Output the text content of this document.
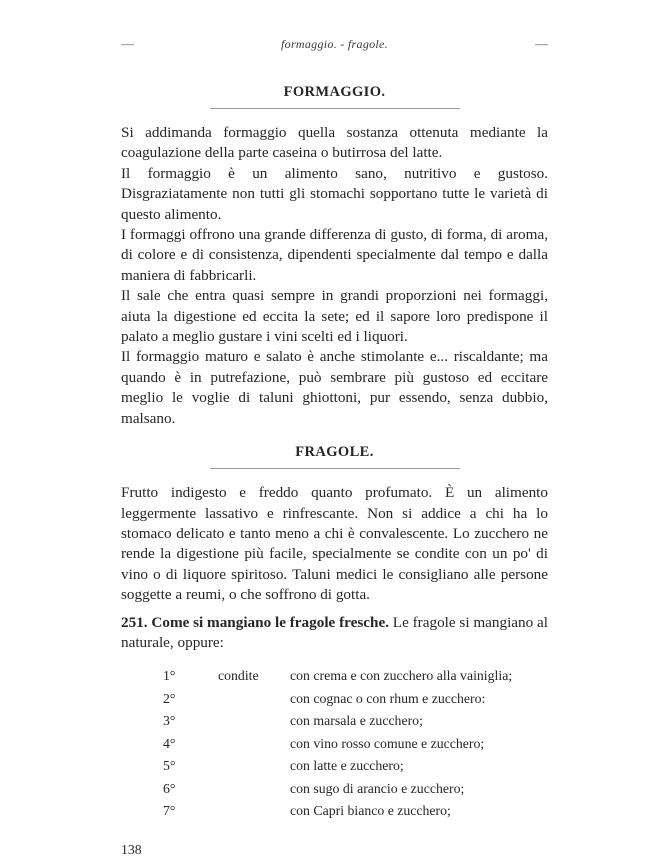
—	formaggio. - fragole.	—
FORMAGGIO.

Si addimanda formaggio quella sostanza ottenuta mediante la coagulazione della parte caseina o butirrosa del latte.

Il formaggio è un alimento sano, nutritivo e gustoso. Disgraziatamente non tutti gli stomachi sopportano tutte le varietà di questo alimento.

I formaggi offrono una grande differenza di gusto, di forma, di aroma, di colore e di consistenza, dipendenti specialmente dal tempo e dalla maniera di fabbricarli.

Il sale che entra quasi sempre in grandi proporzioni nei formaggi, aiuta la digestione ed eccita la sete; ed il sapore loro predispone il palato a meglio gustare i vini scelti ed i liquori.

Il formaggio maturo e salato è anche stimolante e... riscaldante; ma quando è in putrefazione, può sembrare più gustoso ed eccitare meglio le voglie di taluni ghiottoni, pur essendo, senza dubbio, malsano.

FRAGOLE.

Frutto indigesto e freddo quanto profumato. È un alimento leggermente lassativo e rinfrescante. Non si addice a chi ha lo stomaco delicato e tanto meno a chi è convalescente. Lo zucchero ne rende la digestione più facile, specialmente se condite con un po' di vino o di liquore spiritoso. Taluni medici le consigliano alle persone soggette a reumi, o che soffrono di gotta.

251. Come si mangiano le fragole fresche. Le fragole si mangiano al naturale, oppure:

1°	condite	con crema e con zucchero alla vainiglia;
2°	con cognac o con rhum e zucchero:
3°	con marsala e zucchero;
4°	con vino rosso comune e zucchero;
5°	con latte e zucchero;
6°	con sugo di arancio e zucchero;
7°	con Capri bianco e zucchero;
138
